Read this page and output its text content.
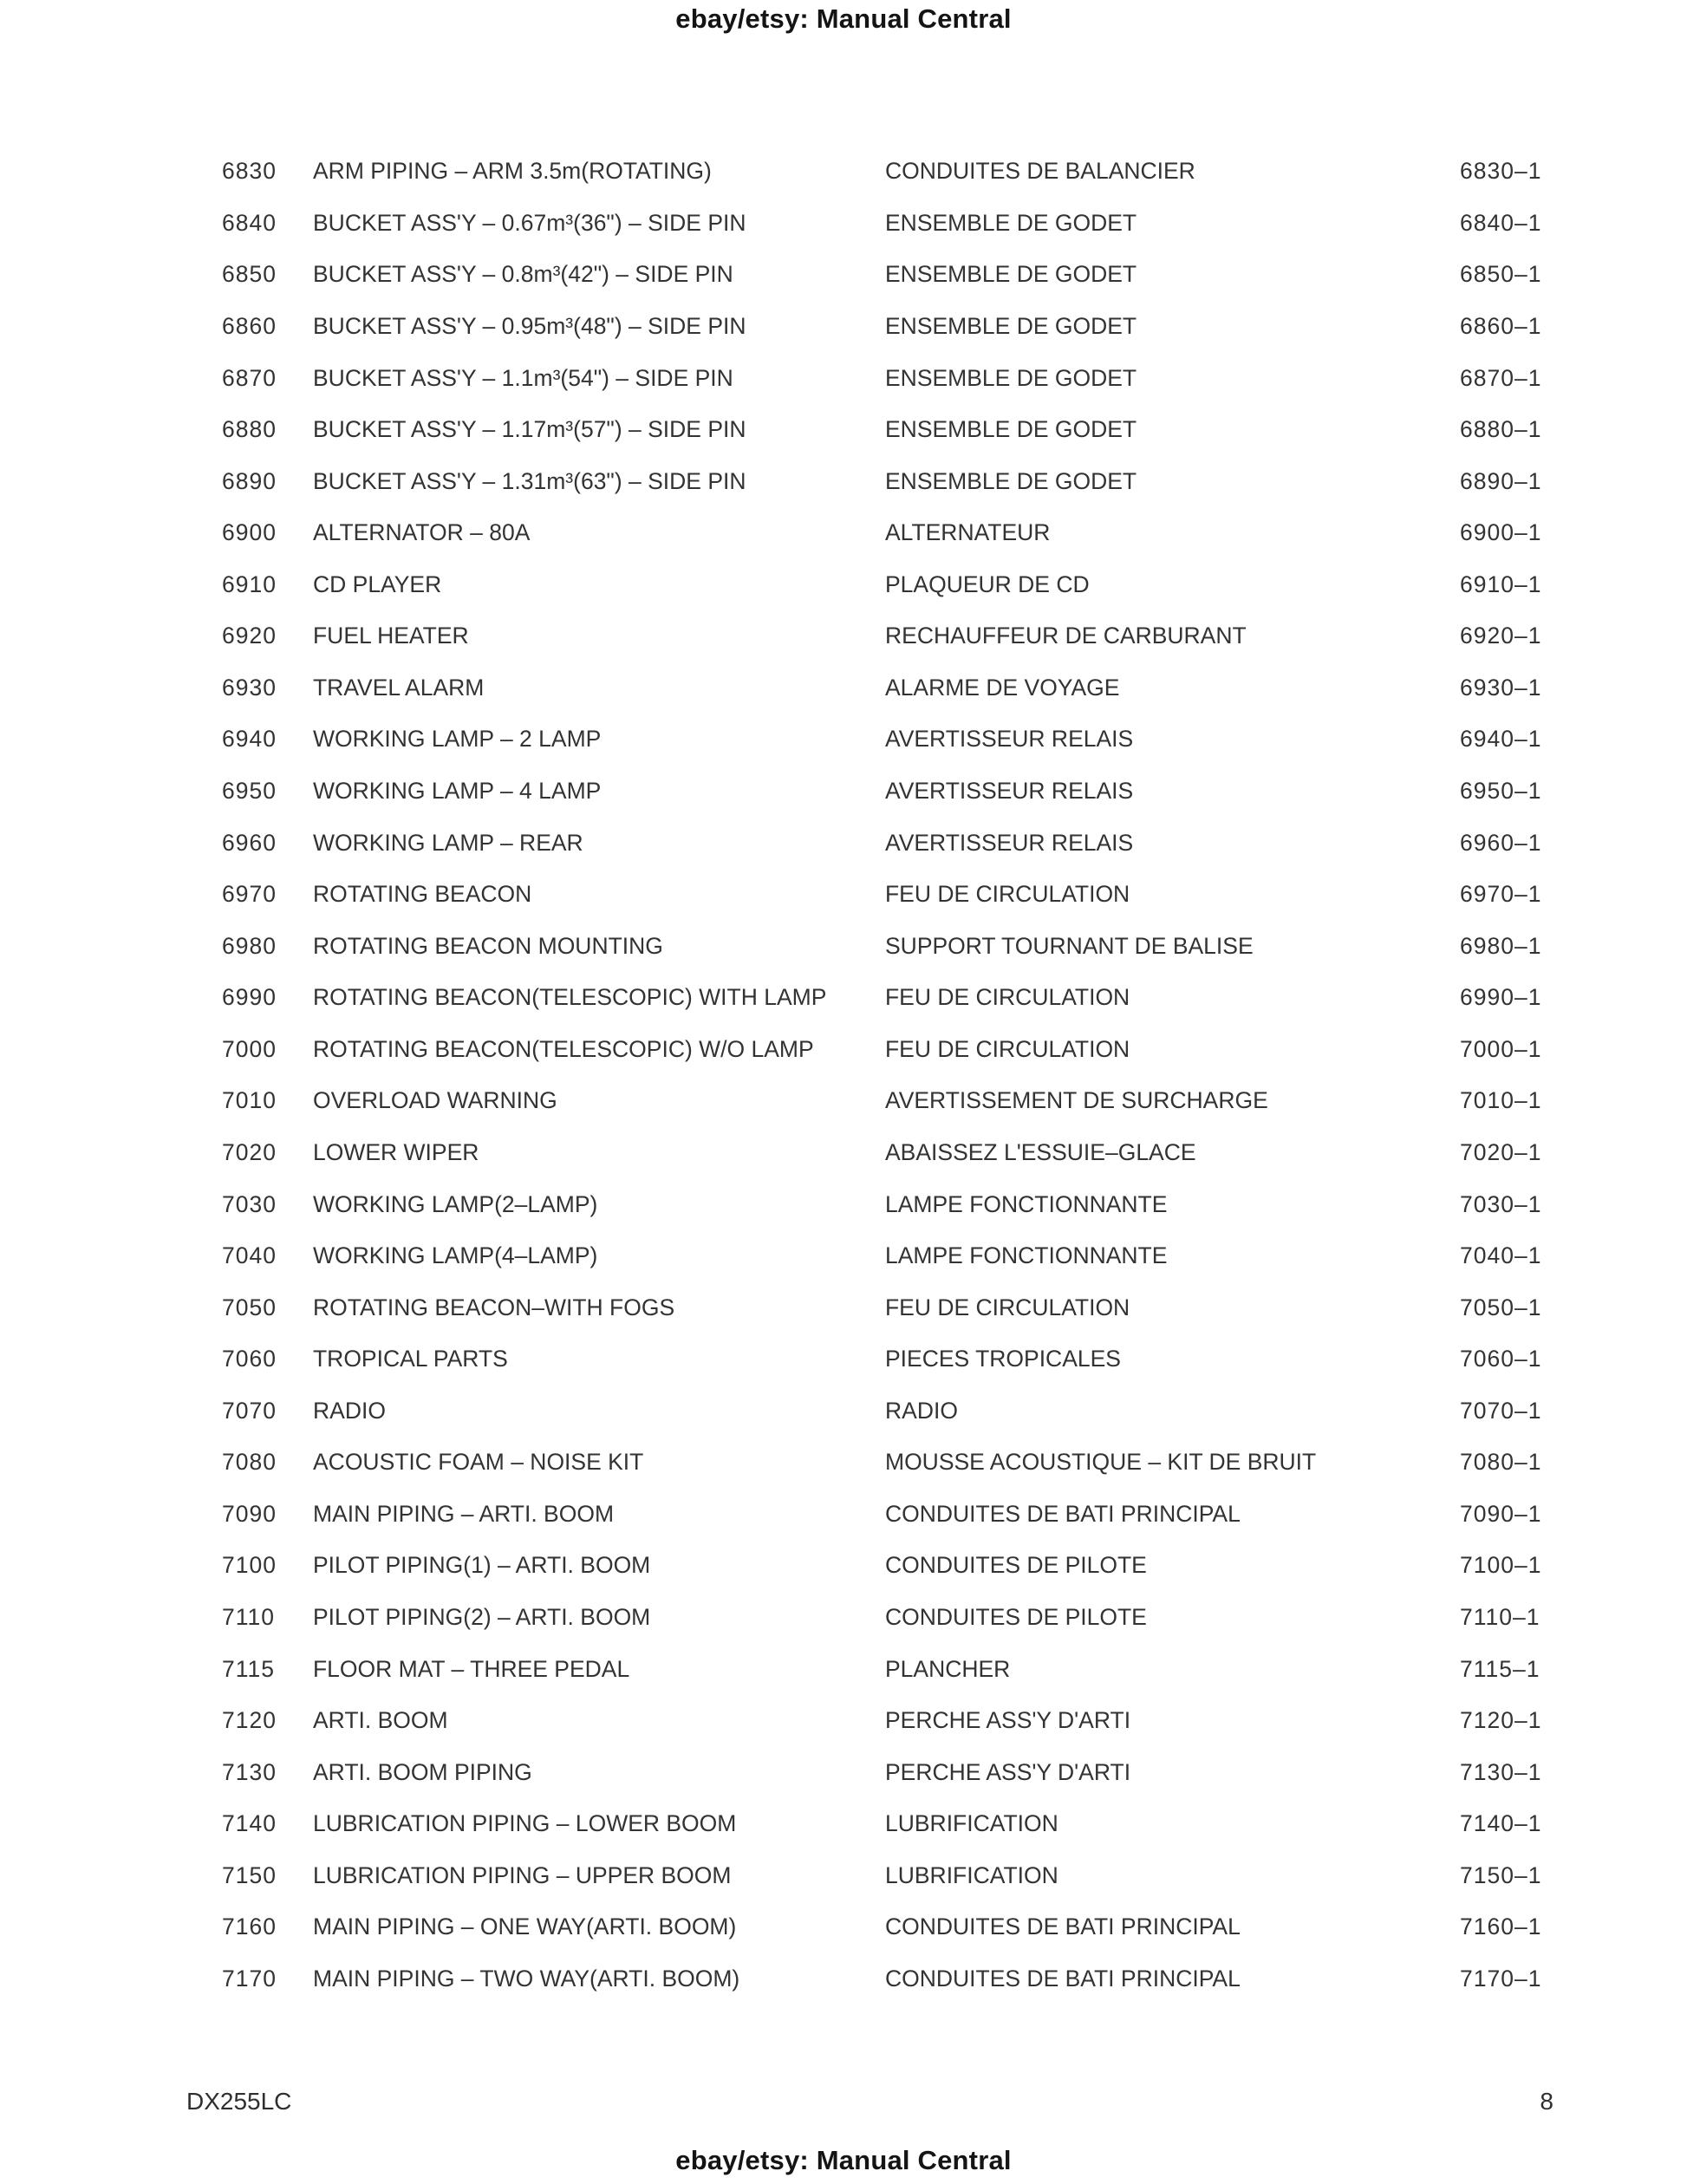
ebay/etsy: Manual Central
6830	ARM PIPING – ARM 3.5m(ROTATING)	CONDUITES DE BALANCIER	6830–1
6840	BUCKET ASS'Y – 0.67m³(36") – SIDE PIN	ENSEMBLE DE GODET	6840–1
6850	BUCKET ASS'Y – 0.8m³(42") – SIDE PIN	ENSEMBLE DE GODET	6850–1
6860	BUCKET ASS'Y – 0.95m³(48") – SIDE PIN	ENSEMBLE DE GODET	6860–1
6870	BUCKET ASS'Y – 1.1m³(54") – SIDE PIN	ENSEMBLE DE GODET	6870–1
6880	BUCKET ASS'Y – 1.17m³(57") – SIDE PIN	ENSEMBLE DE GODET	6880–1
6890	BUCKET ASS'Y – 1.31m³(63") – SIDE PIN	ENSEMBLE DE GODET	6890–1
6900	ALTERNATOR – 80A	ALTERNATEUR	6900–1
6910	CD PLAYER	PLAQUEUR DE CD	6910–1
6920	FUEL HEATER	RECHAUFFEUR DE CARBURANT	6920–1
6930	TRAVEL ALARM	ALARME DE VOYAGE	6930–1
6940	WORKING LAMP – 2 LAMP	AVERTISSEUR RELAIS	6940–1
6950	WORKING LAMP – 4 LAMP	AVERTISSEUR RELAIS	6950–1
6960	WORKING LAMP – REAR	AVERTISSEUR RELAIS	6960–1
6970	ROTATING BEACON	FEU DE CIRCULATION	6970–1
6980	ROTATING BEACON MOUNTING	SUPPORT TOURNANT DE BALISE	6980–1
6990	ROTATING BEACON(TELESCOPIC) WITH LAMP	FEU DE CIRCULATION	6990–1
7000	ROTATING BEACON(TELESCOPIC) W/O LAMP	FEU DE CIRCULATION	7000–1
7010	OVERLOAD WARNING	AVERTISSEMENT DE SURCHARGE	7010–1
7020	LOWER WIPER	ABAISSEZ L'ESSUIE–GLACE	7020–1
7030	WORKING LAMP(2–LAMP)	LAMPE FONCTIONNANTE	7030–1
7040	WORKING LAMP(4–LAMP)	LAMPE FONCTIONNANTE	7040–1
7050	ROTATING BEACON–WITH FOGS	FEU DE CIRCULATION	7050–1
7060	TROPICAL PARTS	PIECES TROPICALES	7060–1
7070	RADIO	RADIO	7070–1
7080	ACOUSTIC FOAM – NOISE KIT	MOUSSE ACOUSTIQUE – KIT DE BRUIT	7080–1
7090	MAIN PIPING – ARTI. BOOM	CONDUITES DE BATI PRINCIPAL	7090–1
7100	PILOT PIPING(1) – ARTI. BOOM	CONDUITES DE PILOTE	7100–1
7110	PILOT PIPING(2) – ARTI. BOOM	CONDUITES DE PILOTE	7110–1
7115	FLOOR MAT – THREE PEDAL	PLANCHER	7115–1
7120	ARTI. BOOM	PERCHE ASS'Y D'ARTI	7120–1
7130	ARTI. BOOM PIPING	PERCHE ASS'Y D'ARTI	7130–1
7140	LUBRICATION PIPING – LOWER BOOM	LUBRIFICATION	7140–1
7150	LUBRICATION PIPING – UPPER BOOM	LUBRIFICATION	7150–1
7160	MAIN PIPING – ONE WAY(ARTI. BOOM)	CONDUITES DE BATI PRINCIPAL	7160–1
7170	MAIN PIPING – TWO WAY(ARTI. BOOM)	CONDUITES DE BATI PRINCIPAL	7170–1
DX255LC	8
ebay/etsy: Manual Central
